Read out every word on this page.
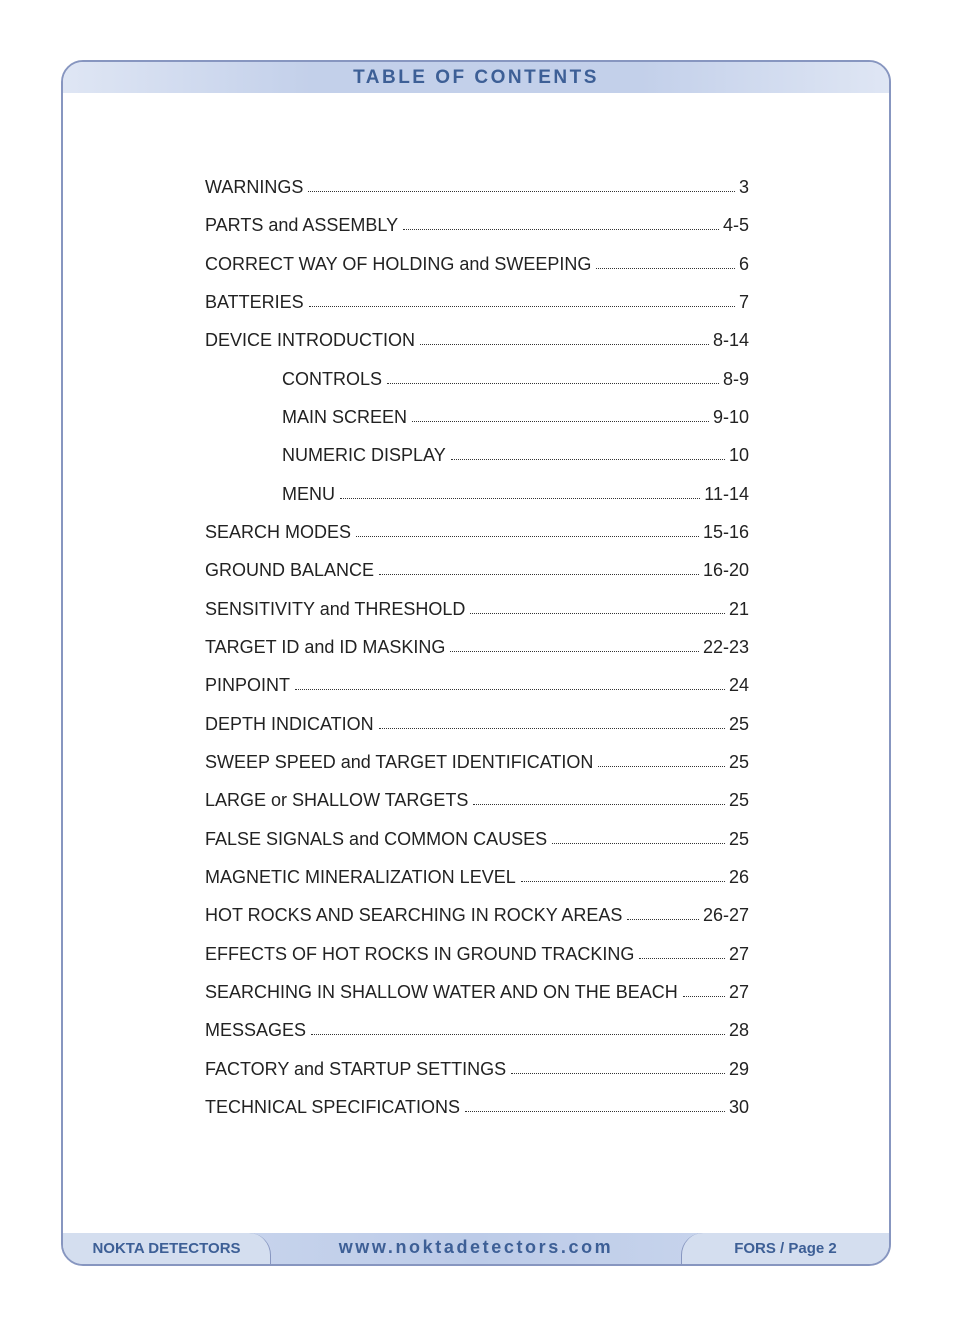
TABLE OF CONTENTS
NOKTA DETECTORS	www.noktadetectors.com	FORS / Page 2
WARNINGS	3
PARTS and ASSEMBLY	4-5
CORRECT WAY OF HOLDING and SWEEPING	6
BATTERIES	7
DEVICE INTRODUCTION	8-14
CONTROLS	8-9
MAIN SCREEN	9-10
NUMERIC DISPLAY	10
MENU	11-14
SEARCH MODES	15-16
GROUND BALANCE	16-20
SENSITIVITY and THRESHOLD	21
TARGET ID and ID MASKING	22-23
PINPOINT	24
DEPTH INDICATION	25
SWEEP SPEED and TARGET IDENTIFICATION	25
LARGE or SHALLOW TARGETS	25
FALSE SIGNALS and COMMON CAUSES	25
MAGNETIC MINERALIZATION LEVEL	26
HOT ROCKS AND SEARCHING IN ROCKY AREAS	26-27
EFFECTS OF HOT ROCKS IN GROUND TRACKING	27
SEARCHING IN SHALLOW WATER AND ON THE BEACH	27
MESSAGES	28
FACTORY and STARTUP SETTINGS	29
TECHNICAL SPECIFICATIONS	30
